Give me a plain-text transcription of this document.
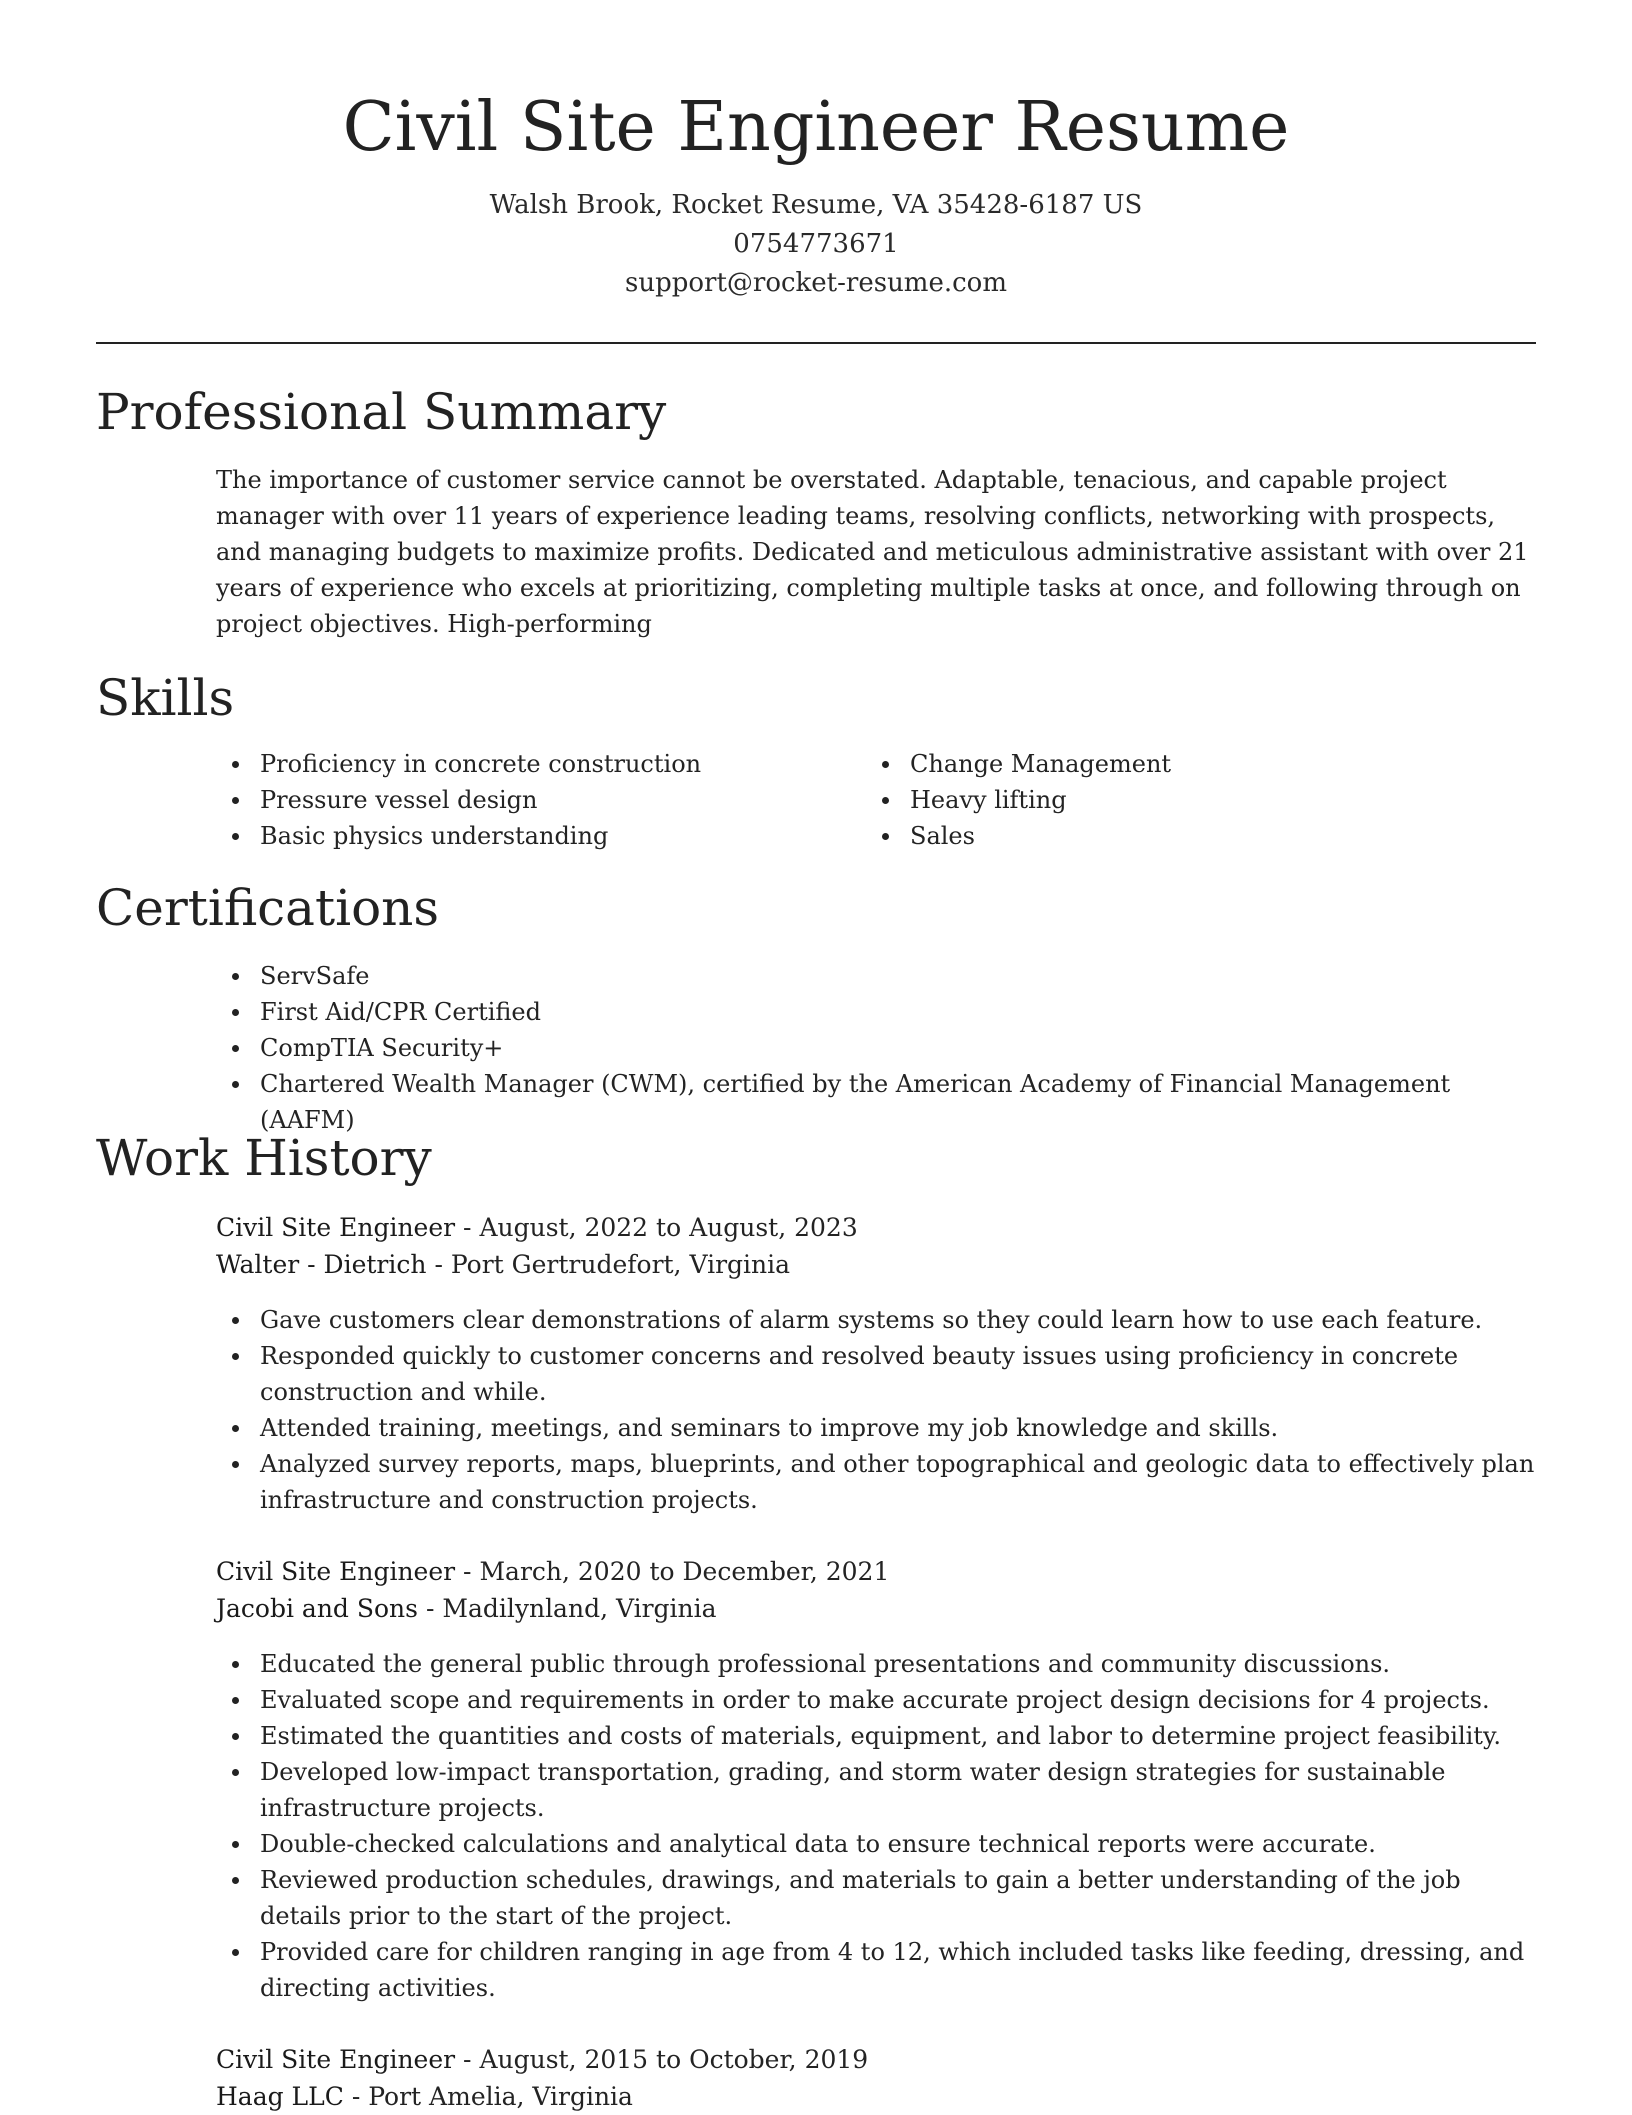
Civil Site Engineer Resume
Walsh Brook, Rocket Resume, VA 35428-6187 US
0754773671
support@rocket-resume.com
Professional Summary

The importance of customer service cannot be overstated. Adaptable, tenacious, and capable project manager with over 11 years of experience leading teams, resolving conflicts, networking with prospects, and managing budgets to maximize profits. Dedicated and meticulous administrative assistant with over 21 years of experience who excels at prioritizing, completing multiple tasks at once, and following through on project objectives. High-performing

Skills
Proficiency in concrete construction
Pressure vessel design
Basic physics understanding
Change Management
Heavy lifting
Sales
Certifications
ServSafe
First Aid/CPR Certified
CompTIA Security+
Chartered Wealth Manager (CWM), certified by the American Academy of Financial Management (AAFM)
Work History
Civil Site Engineer - August, 2022 to August, 2023
Walter - Dietrich - Port Gertrudefort, Virginia
Gave customers clear demonstrations of alarm systems so they could learn how to use each feature.
Responded quickly to customer concerns and resolved beauty issues using proficiency in concrete construction and while.
Attended training, meetings, and seminars to improve my job knowledge and skills.
Analyzed survey reports, maps, blueprints, and other topographical and geologic data to effectively plan infrastructure and construction projects.
Civil Site Engineer - March, 2020 to December, 2021
Jacobi and Sons - Madilynland, Virginia
Educated the general public through professional presentations and community discussions.
Evaluated scope and requirements in order to make accurate project design decisions for 4 projects.
Estimated the quantities and costs of materials, equipment, and labor to determine project feasibility.
Developed low-impact transportation, grading, and storm water design strategies for sustainable infrastructure projects.
Double-checked calculations and analytical data to ensure technical reports were accurate.
Reviewed production schedules, drawings, and materials to gain a better understanding of the job details prior to the start of the project.
Provided care for children ranging in age from 4 to 12, which included tasks like feeding, dressing, and directing activities.
Civil Site Engineer - August, 2015 to October, 2019
Haag LLC - Port Amelia, Virginia
